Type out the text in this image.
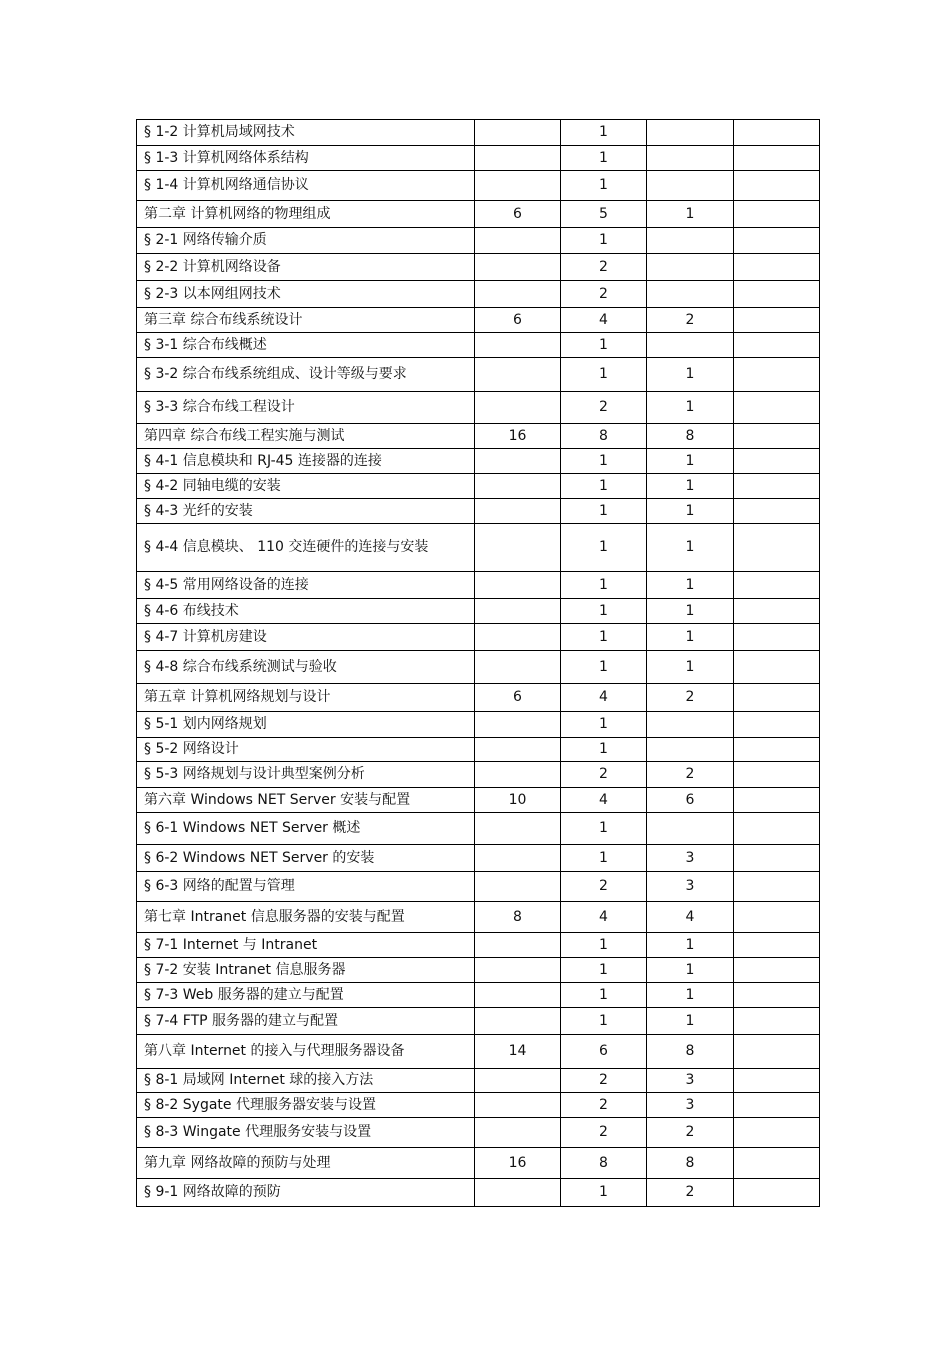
§ 1-2 计算机局域网技术		1		
§ 1-3 计算机网络体系结构		1		
§ 1-4 计算机网络通信协议		1		
第二章 计算机网络的物理组成	6	5	1	
§ 2-1 网络传输介质		1		
§ 2-2 计算机网络设备		2		
§ 2-3 以本网组网技术		2		
第三章 综合布线系统设计	6	4	2	
§ 3-1 综合布线概述		1		
§ 3-2 综合布线系统组成、设计等级与要求		1	1	
§ 3-3 综合布线工程设计		2	1	
第四章 综合布线工程实施与测试	16	8	8	
§ 4-1 信息模块和 RJ-45 连接器的连接		1	1	
§ 4-2 同轴电缆的安装		1	1	
§ 4-3 光纤的安装		1	1	
§ 4-4 信息模块、 110 交连硬件的连接与安装		1	1	
§ 4-5 常用网络设备的连接		1	1	
§ 4-6 布线技术		1	1	
§ 4-7 计算机房建设		1	1	
§ 4-8 综合布线系统测试与验收		1	1	
第五章 计算机网络规划与设计	6	4	2	
§ 5-1 划内网络规划		1		
§ 5-2 网络设计		1		
§ 5-3 网络规划与设计典型案例分析		2	2	
第六章 Windows NET Server 安装与配置	10	4	6	
§ 6-1 Windows NET Server 概述		1		
§ 6-2 Windows NET Server 的安装		1	3	
§ 6-3 网络的配置与管理		2	3	
第七章 Intranet 信息服务器的安装与配置	8	4	4	
§ 7-1 Internet 与 Intranet		1	1	
§ 7-2 安装 Intranet 信息服务器		1	1	
§ 7-3 Web 服务器的建立与配置		1	1	
§ 7-4 FTP 服务器的建立与配置		1	1	
第八章 Internet 的接入与代理服务器设备	14	6	8	
§ 8-1 局域网 Internet 球的接入方法		2	3	
§ 8-2 Sygate 代理服务器安装与设置		2	3	
§ 8-3 Wingate 代理服务安装与设置		2	2	
第九章 网络故障的预防与处理	16	8	8	
§ 9-1 网络故障的预防		1	2	
